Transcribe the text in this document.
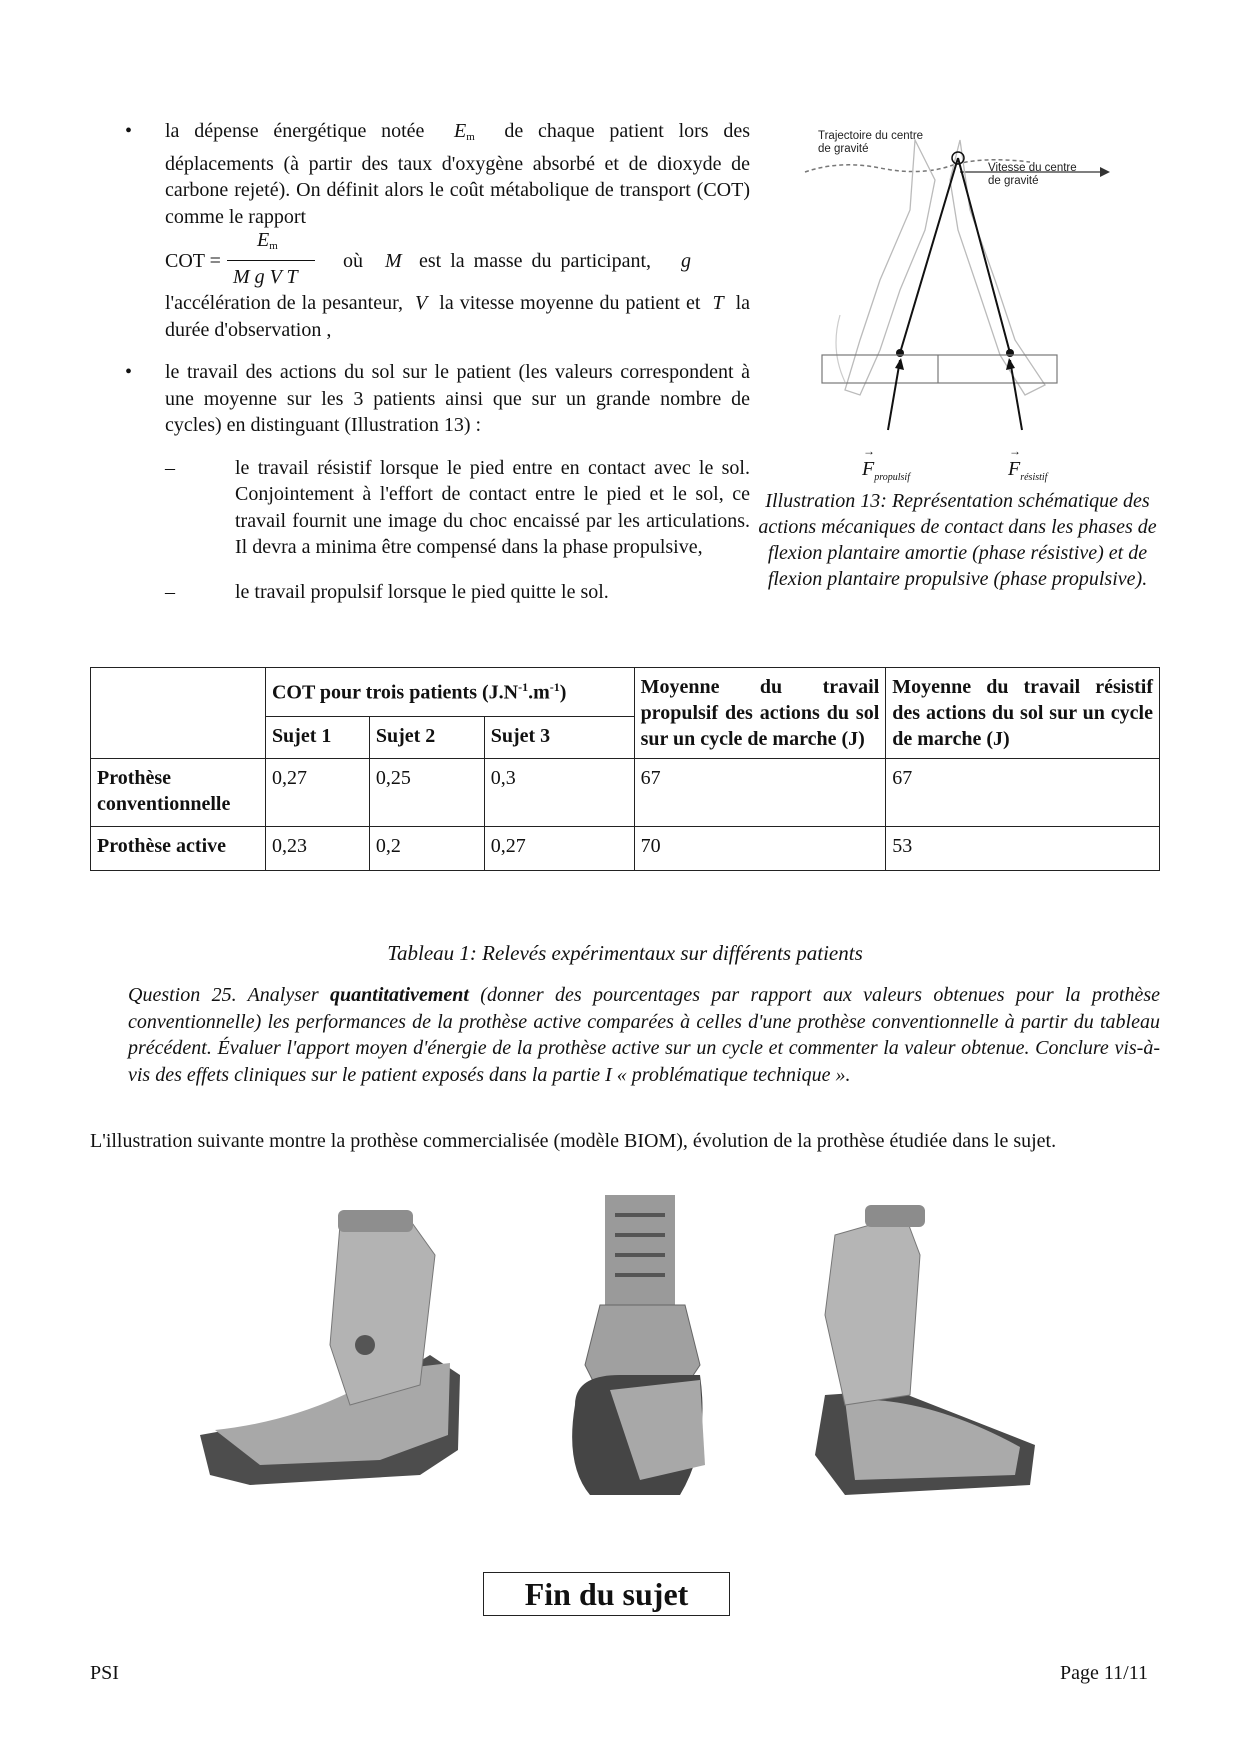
• la dépense énergétique notée $E_m$ de chaque patient lors des déplacements (à partir des taux d'oxygène absorbé et de dioxyde de carbone rejeté). On définit alors le coût métabolique de transport (COT) comme le rapport
COT =
$E_m$
M g V T
où M est la masse du participant, g
l'accélération de la pesanteur, V la vitesse moyenne du patient et T la durée d'observation ,
• le travail des actions du sol sur le patient (les valeurs correspondent à une moyenne sur les 3 patients ainsi que sur un grande nombre de cycles) en distinguant (Illustration 13) :
–	le travail résistif lorsque le pied entre en contact avec le sol. Conjointement à l'effort de contact entre le pied et le sol, ce travail fournit une image du choc encaissé par les articulations. Il devra a minima être compensé dans la phase propulsive,
–	le travail propulsif lorsque le pied quitte le sol.
Trajectoire du centre de gravité
Vitesse du centre de gravité
→
$F_{propulsif}$
→
$F_{résistif}$
Illustration 13: Représentation schématique des actions mécaniques de contact dans les phases de flexion plantaire amortie (phase résistive) et de flexion plantaire propulsive (phase propulsive).
	COT pour trois patients $(J.N^{-1}.m^{-1})$			Moyenne du travail propulsif des actions du sol sur un cycle de marche (J)	Moyenne du travail résistif des actions du sol sur un cycle de marche (J)
	Sujet 1	Sujet 2	Sujet 3		
Prothèse conventionnelle	0,27	0,25	0,3	67	67
Prothèse active	0,23	0,2	0,27	70	53
Tableau 1: Relevés expérimentaux sur différents patients
Question 25. Analyser quantitativement (donner des pourcentages par rapport aux valeurs obtenues pour la prothèse conventionnelle) les performances de la prothèse active comparées à celles d'une prothèse conventionnelle à partir du tableau précédent. Évaluer l'apport moyen d'énergie de la prothèse active sur un cycle et commenter la valeur obtenue. Conclure vis-à-vis des effets cliniques sur le patient exposés dans la partie I « problématique technique ».
L'illustration suivante montre la prothèse commercialisée (modèle BIOM), évolution de la prothèse étudiée dans le sujet.
Fin du sujet
PSI	Page 11/11
